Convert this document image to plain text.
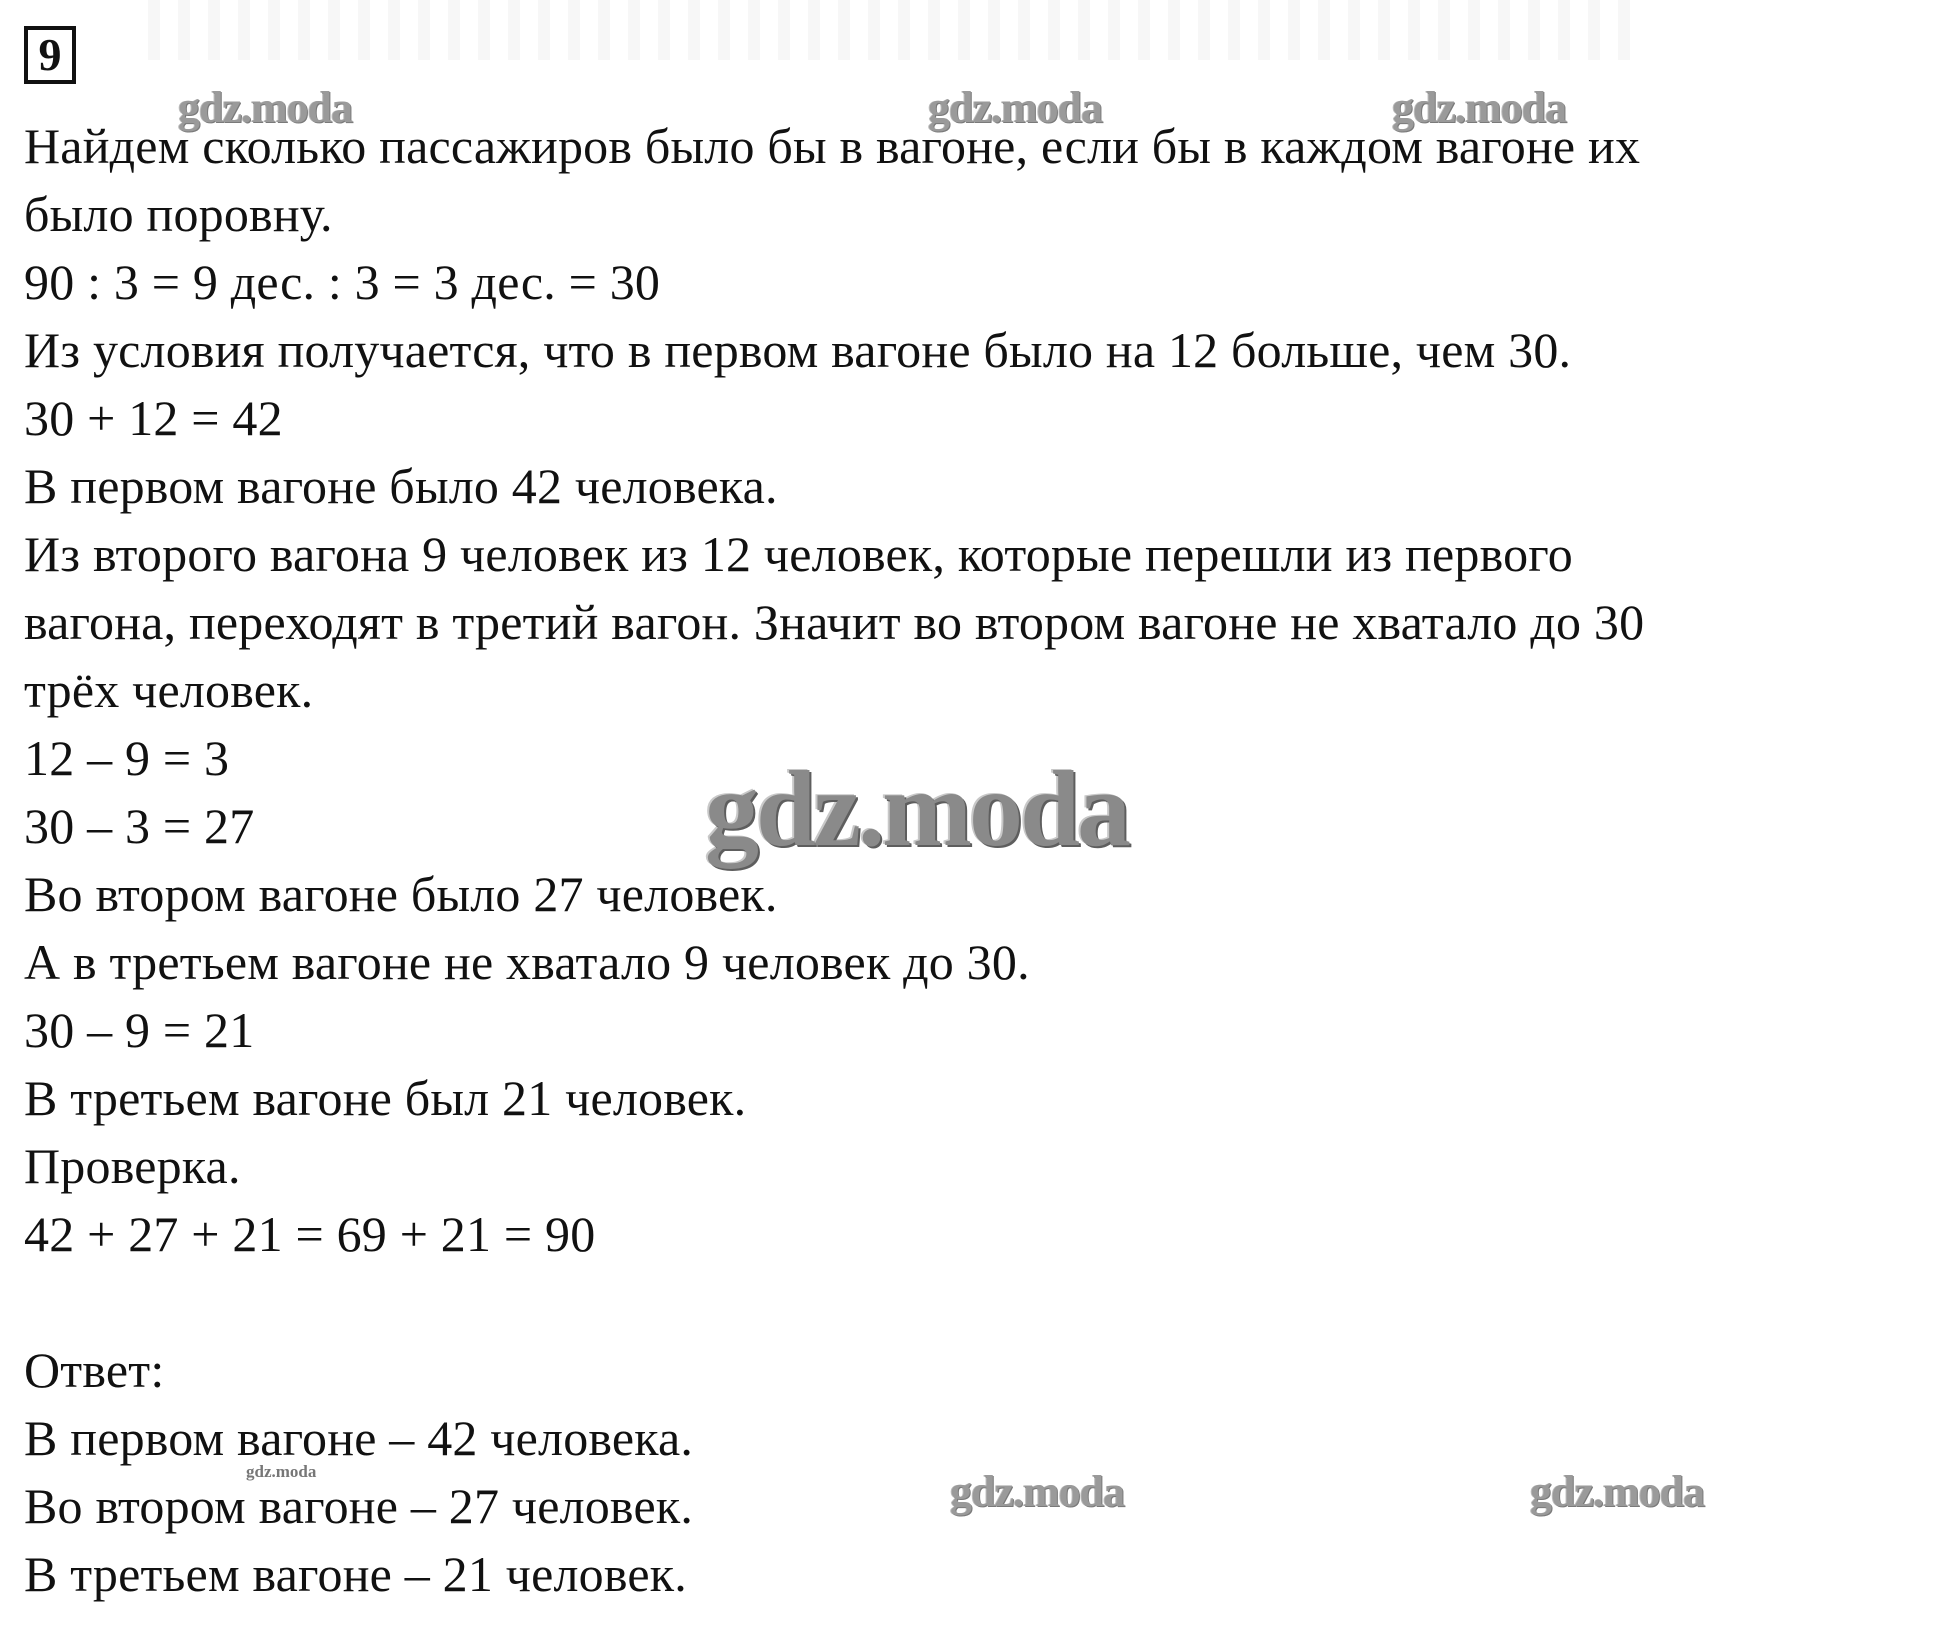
9
gdz.moda	gdz.moda	gdz.moda
Найдем сколько пассажиров было бы в вагоне, если бы в каждом вагоне их
было поровну.
90 : 3 = 9 дес. : 3 = 3 дес. = 30
Из условия получается, что в первом вагоне было на 12 больше, чем 30.
30 + 12 = 42
В первом вагоне было 42 человека.
Из второго вагона 9 человек из 12 человек, которые перешли из первого
вагона, переходят в третий вагон. Значит во втором вагоне не хватало до 30
трёх человек.
12 – 9 = 3
30 – 3 = 27
Во втором вагоне было 27 человек.
А в третьем вагоне не хватало 9 человек до 30.
30 – 9 = 21
В третьем вагоне был 21 человек.
Проверка.
42 + 27 + 21 = 69 + 21 = 90
Ответ:
В первом вагоне – 42 человека.
Во втором вагоне – 27 человек.
В третьем вагоне – 21 человек.
gdz.moda
gdz.moda	gdz.moda	gdz.moda
